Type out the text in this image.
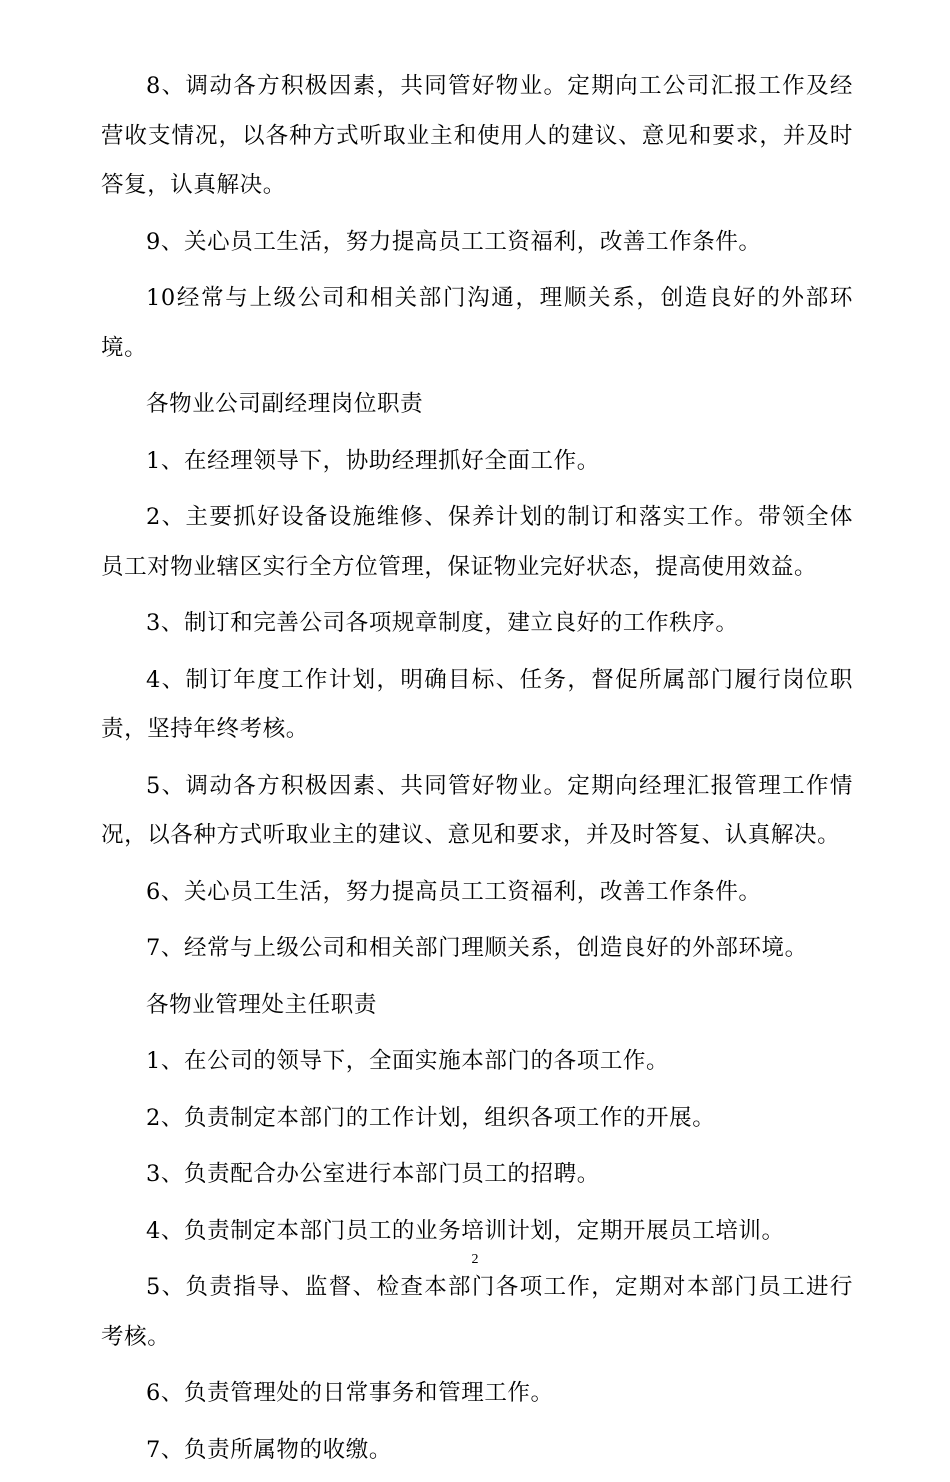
8、调动各方积极因素，共同管好物业。定期向工公司汇报工作及经营收支情况，以各种方式听取业主和使用人的建议、意见和要求，并及时答复，认真解决。

9、关心员工生活，努力提高员工工资福利，改善工作条件。

10经常与上级公司和相关部门沟通，理顺关系，创造良好的外部环境。

各物业公司副经理岗位职责

1、在经理领导下，协助经理抓好全面工作。

2、主要抓好设备设施维修、保养计划的制订和落实工作。带领全体员工对物业辖区实行全方位管理，保证物业完好状态，提高使用效益。

3、制订和完善公司各项规章制度，建立良好的工作秩序。

4、制订年度工作计划，明确目标、任务，督促所属部门履行岗位职责，坚持年终考核。

5、调动各方积极因素、共同管好物业。定期向经理汇报管理工作情况，以各种方式听取业主的建议、意见和要求，并及时答复、认真解决。

6、关心员工生活，努力提高员工工资福利，改善工作条件。

7、经常与上级公司和相关部门理顺关系，创造良好的外部环境。

各物业管理处主任职责

1、在公司的领导下，全面实施本部门的各项工作。

2、负责制定本部门的工作计划，组织各项工作的开展。

3、负责配合办公室进行本部门员工的招聘。

4、负责制定本部门员工的业务培训计划，定期开展员工培训。

5、负责指导、监督、检查本部门各项工作，定期对本部门员工进行考核。

6、负责管理处的日常事务和管理工作。

7、负责所属物的收缴。

2
